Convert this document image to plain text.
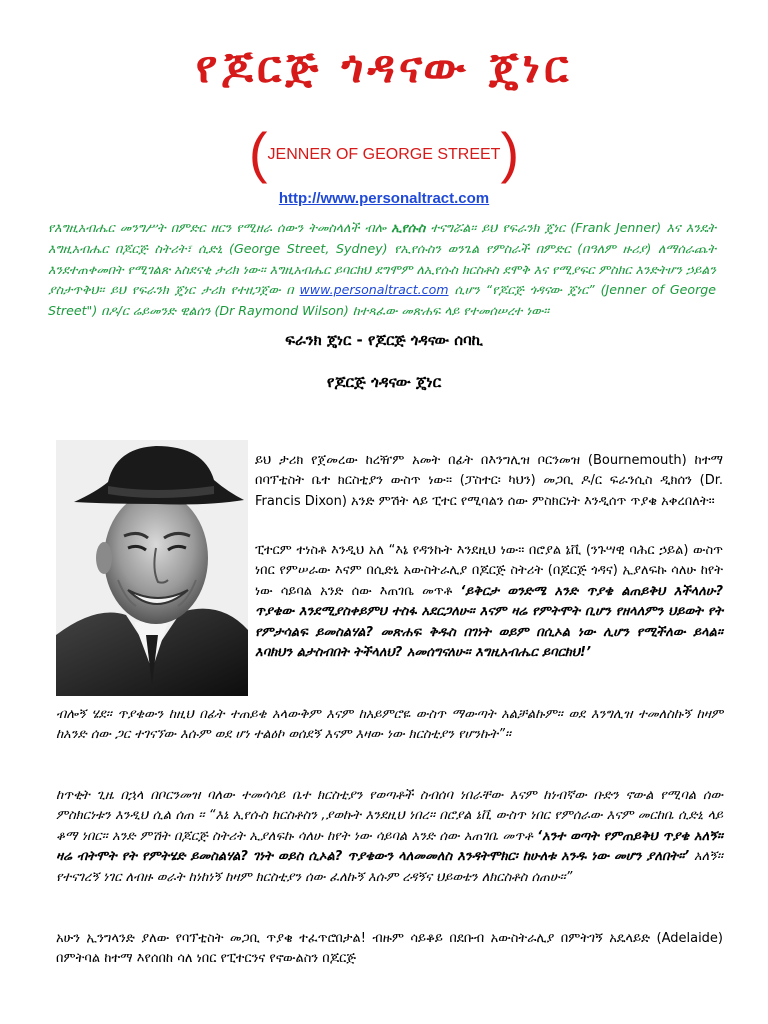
የጆርጅ ጎዳናው ጄነር
(JENNER OF GEORGE STREET)
http://www.personaltract.com
የእግዚአብሔር መንግሥት በምድር ዘርን የሚዘራ ሰውን ትመስላለች ብሎ ኢየሱስ ተናግሯል። ይህ የፍራንክ ጄነር (Frank Jenner) እና እንዴት እግዚአብሔር በጆርጅ ስትሪት፣ ሲድኒ (George Street, Sydney) የኢየሱስን ወንጌል የምስራች በምድር (በዓለም ዙሪያ) ለማሰራጨት እንደተጠቀመበት የሚገልጽ አስደናቂ ታሪክ ነው። እግዚአብሔር ይባርክህ ደግሞም ለኢየሱስ ክርስቶስ ደሞቅ እና የሚያፍር ምስክር እንድትሆን ኃይልን ያስታጥቅህ። ይህ የፍራንክ ጄነር ታሪክ የተዘጋጀው በ www.personaltract.com ሲሆን “የጆርጅ ጎዳናው ጄነር” (Jenner of George Street") በዶ/ር ሬይመንድ ዊልሰን (Dr Raymond Wilson) ከተጻፈው መጽሐፍ ላይ የተመሰሠረተ ነው።
ፍራንክ ጄነር - የጆርጅ ጎዳናው ሰባኪ
የጆርጅ ጎዳናው ጄነር
ይህ ታሪክ የጀመረው ከረዥም አመት በፊት በእንግሊዝ ቦርንመዝ (Bournemouth) ከተማ በባፕቲስት ቤተ ክርስቲያን ውስጥ ነው። (ፓስተር፡ ካህን) መጋቢ ዶ/ር ፍራንሲስ ዲክሰን (Dr. Francis Dixon) አንድ ምሽት ላይ ፒተር የሚባልን ሰው ምስክርነት እንዲሰጥ ጥያቄ አቀረበለት።
ፒተርም ተነስቶ እንዲህ አለ “እኔ የዳንኩት እንደዚህ ነው። በሮያል ኔቪ (ንጉሣዊ ባሕር ኃይል) ውስጥ ነበር የምሠራው እናም በሲድኒ አውስትራሊያ በጆርጅ ስትሪት (በጆርጅ ጎዳና) ኢያለፍኩ ሳለሁ ከየት ነው ሳይባል አንድ ሰው እጠገቤ መጥቶ ‘ይቅርታ ወንድሜ አንድ ጥያቄ ልጠይቅህ እችላለሁ? ጥያቄው እንደሚያስቀይምህ ተስፋ አደርጋለሁ። እናም ዛሬ የምትሞት ቢሆን የዘላለምን ህይወት የት የምታሳልፍ ይመስልሃል? መጽሐፍ ቅዱስ በገነት ወይም በሲኦል ነው ሊሆን የሚችለው ይላል። እባክህን ልታስብበት ትችላለህ? አመሰግናለሁ። እግዚአብሔር ይባርክህ!’
ብሎኝ ሄደ። ጥያቄውን ከዚህ በፊት ተጠይቄ አላውቅም እናም ከአይምሮዬ ውስጥ ማውጣት አልቻልኩም። ወደ እንግሊዝ ተመለስኩኝ ከዛም ከአንድ ሰው ጋር ተገናኘው እሱም ወደ ሆነ ተልዕኮ ወሰደኝ እናም እዛው ነው ክርስቲያን የሆንኩት”።
ከጥቂት ጊዜ በኋላ በቦርንመዝ ባለው ተመሳሳይ ቤተ ክርስቲያን የወጣቶች ስብሰባ ነበራቸው እናም ከነብኛው ቡድን ኖውል የሚባል ሰው ምስክርነቱን እንዲህ ሲል ሰጠ ። “እኔ ኢየሱስ ክርስቶስን ,ያወኩት እንደዚህ ነበረ። በሮያል ኔቪ ውስጥ ነበር የምሰራው እናም መርከቤ ሲድኒ ላይ ቆማ ነበር። አንድ ምሽት በጆርጅ ስትሪት ኢያለፍኩ ሳለሁ ከየት ነው ሳይባል አንድ ሰው አጠገቤ መጥቶ ‘አንተ ወጣት የምጠይቅህ ጥያቄ አለኝ። ዛሬ ብትሞት የት የምትሄድ ይመስልሃል? ገነት ወይስ ሲኦል? ጥያቄውን ላለመመለስ እንዳትሞክር፡ ከሁለቱ አንዱ ነው መሆን ያለበት።’ አለኝ። የተናገረኝ ነገር ለብዙ ወራት ከነከነኝ ከዛም ክርስቲያን ሰው ፈለኩኝ እሱም ረዳኝና ህይወቴን ለክርስቶስ ሰጠሁ።”
አሁን ኢንግላንድ ያለው የባፕቲስት መጋቢ ጥያቄ ተፈጥሮበታል! ብዙም ሳይቆይ በደቡብ አውስትራሊያ በምትገኝ አዴላይድ (Adelaide) በምትባል ከተማ እየሰበከ ሳለ ነበር የፒተርንና የኖውልስን በጆርጅ
